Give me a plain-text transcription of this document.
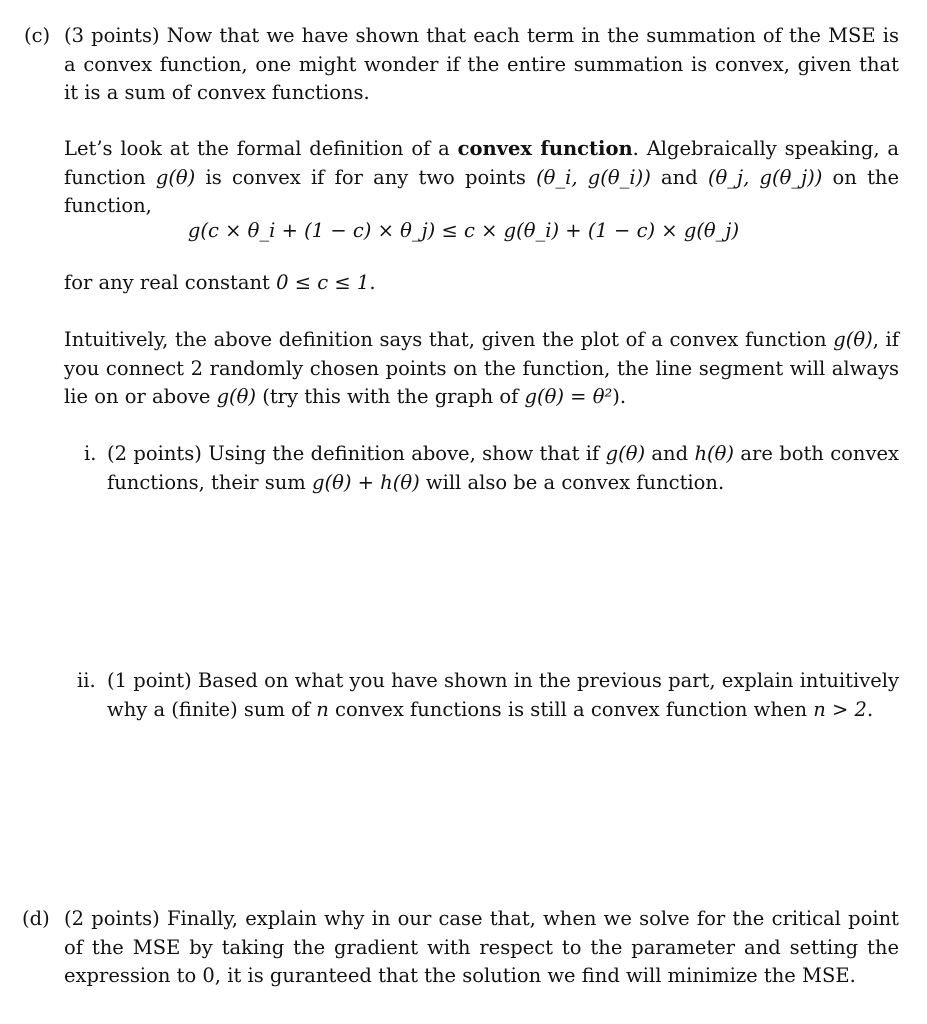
(c) (3 points) Now that we have shown that each term in the summation of the MSE is a convex function, one might wonder if the entire summation is convex, given that it is a sum of convex functions.
Let’s look at the formal definition of a convex function. Algebraically speaking, a function g(θ) is convex if for any two points (θ_i, g(θ_i)) and (θ_j, g(θ_j)) on the function,
g(c × θ_i + (1 − c) × θ_j) ≤ c × g(θ_i) + (1 − c) × g(θ_j)
for any real constant 0 ≤ c ≤ 1.
Intuitively, the above definition says that, given the plot of a convex function g(θ), if you connect 2 randomly chosen points on the function, the line segment will always lie on or above g(θ) (try this with the graph of g(θ) = θ²).
i. (2 points) Using the definition above, show that if g(θ) and h(θ) are both convex functions, their sum g(θ) + h(θ) will also be a convex function.
ii. (1 point) Based on what you have shown in the previous part, explain intuitively why a (finite) sum of n convex functions is still a convex function when n > 2.
(d) (2 points) Finally, explain why in our case that, when we solve for the critical point of the MSE by taking the gradient with respect to the parameter and setting the expression to 0, it is guranteed that the solution we find will minimize the MSE.
